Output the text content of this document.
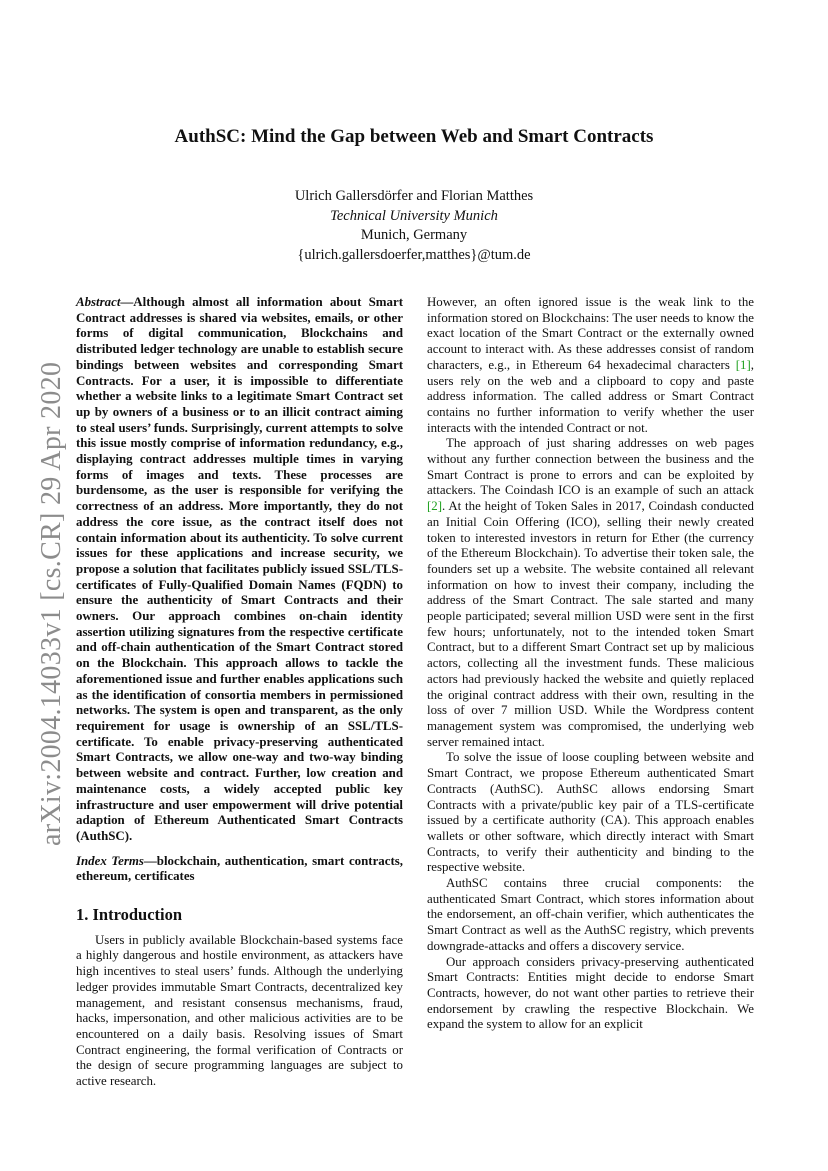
arXiv:2004.14033v1 [cs.CR] 29 Apr 2020
AuthSC: Mind the Gap between Web and Smart Contracts
Ulrich Gallersdörfer and Florian Matthes
Technical University Munich
Munich, Germany
{ulrich.gallersdoerfer,matthes}@tum.de

Abstract—Although almost all information about Smart Contract addresses is shared via websites, emails, or other forms of digital communication, Blockchains and distributed ledger technology are unable to establish secure bindings between websites and corresponding Smart Contracts. For a user, it is impossible to differentiate whether a website links to a legitimate Smart Contract set up by owners of a business or to an illicit contract aiming to steal users’ funds. Surprisingly, current attempts to solve this issue mostly comprise of information redundancy, e.g., displaying contract addresses multiple times in varying forms of images and texts. These processes are burdensome, as the user is responsible for verifying the correctness of an address. More importantly, they do not address the core issue, as the contract itself does not contain information about its authenticity. To solve current issues for these applications and increase security, we propose a solution that facilitates publicly issued SSL/TLS-certificates of Fully-Qualified Domain Names (FQDN) to ensure the authenticity of Smart Contracts and their owners. Our approach combines on-chain identity assertion utilizing signatures from the respective certificate and off-chain authentication of the Smart Contract stored on the Blockchain. This approach allows to tackle the aforementioned issue and further enables applications such as the identification of consortia members in permissioned networks. The system is open and transparent, as the only requirement for usage is ownership of an SSL/TLS-certificate. To enable privacy-preserving authenticated Smart Contracts, we allow one-way and two-way binding between website and contract. Further, low creation and maintenance costs, a widely accepted public key infrastructure and user empowerment will drive potential adaption of Ethereum Authenticated Smart Contracts (AuthSC).

Index Terms—blockchain, authentication, smart contracts, ethereum, certificates

1. Introduction

Users in publicly available Blockchain-based systems face a highly dangerous and hostile environment, as attackers have high incentives to steal users’ funds. Although the underlying ledger provides immutable Smart Contracts, decentralized key management, and resistant consensus mechanisms, fraud, hacks, impersonation, and other malicious activities are to be encountered on a daily basis. Resolving issues of Smart Contract engineering, the formal verification of Contracts or the design of secure programming languages are subject to active research.

However, an often ignored issue is the weak link to the information stored on Blockchains: The user needs to know the exact location of the Smart Contract or the externally owned account to interact with. As these addresses consist of random characters, e.g., in Ethereum 64 hexadecimal characters [1], users rely on the web and a clipboard to copy and paste address information. The called address or Smart Contract contains no further information to verify whether the user interacts with the intended Contract or not.

The approach of just sharing addresses on web pages without any further connection between the business and the Smart Contract is prone to errors and can be exploited by attackers. The Coindash ICO is an example of such an attack [2]. At the height of Token Sales in 2017, Coindash conducted an Initial Coin Offering (ICO), selling their newly created token to interested investors in return for Ether (the currency of the Ethereum Blockchain). To advertise their token sale, the founders set up a website. The website contained all relevant information on how to invest their company, including the address of the Smart Contract. The sale started and many people participated; several million USD were sent in the first few hours; unfortunately, not to the intended token Smart Contract, but to a different Smart Contract set up by malicious actors, collecting all the investment funds. These malicious actors had previously hacked the website and quietly replaced the original contract address with their own, resulting in the loss of over 7 million USD. While the Wordpress content management system was compromised, the underlying web server remained intact.

To solve the issue of loose coupling between website and Smart Contract, we propose Ethereum authenticated Smart Contracts (AuthSC). AuthSC allows endorsing Smart Contracts with a private/public key pair of a TLS-certificate issued by a certificate authority (CA). This approach enables wallets or other software, which directly interact with Smart Contracts, to verify their authenticity and binding to the respective website.

AuthSC contains three crucial components: the authenticated Smart Contract, which stores information about the endorsement, an off-chain verifier, which authenticates the Smart Contract as well as the AuthSC registry, which prevents downgrade-attacks and offers a discovery service.

Our approach considers privacy-preserving authenticated Smart Contracts: Entities might decide to endorse Smart Contracts, however, do not want other parties to retrieve their endorsement by crawling the respective Blockchain. We expand the system to allow for an explicit
